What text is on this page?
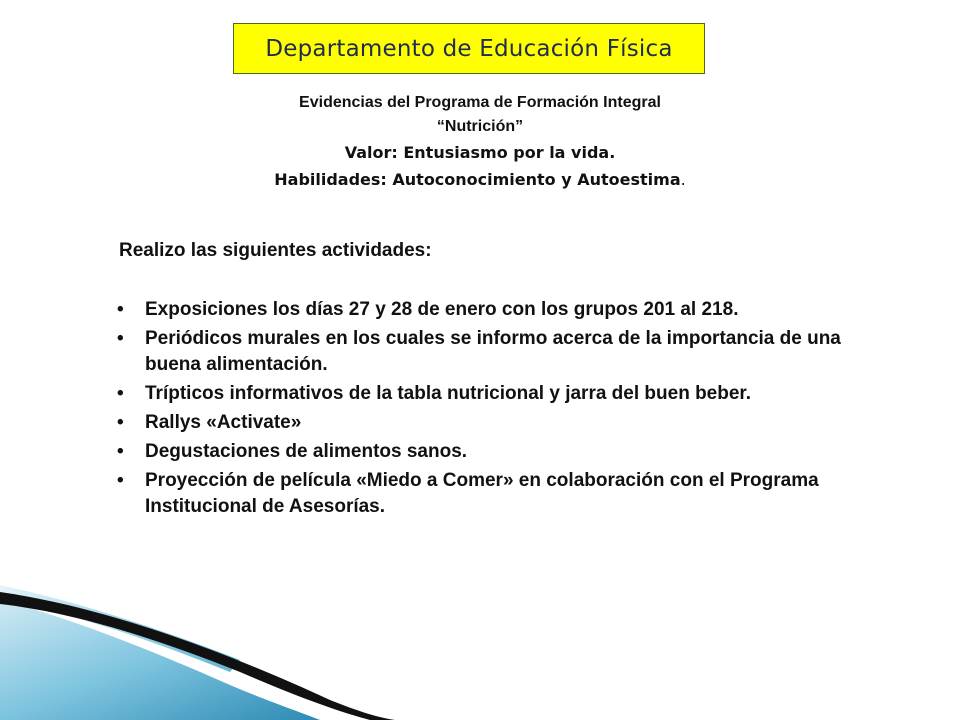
Departamento de Educación Física
Evidencias del Programa de Formación Integral
“Nutrición”
Valor: Entusiasmo por la vida.
Habilidades: Autoconocimiento y Autoestima.
Realizo las siguientes actividades:
• Exposiciones los días 27 y 28 de enero con los grupos 201 al 218.
• Periódicos murales en los cuales se informo acerca de la importancia de una buena alimentación.
• Trípticos informativos de la tabla nutricional y jarra del buen beber.
• Rallys «Activate»
• Degustaciones de alimentos sanos.
• Proyección de película «Miedo a Comer» en colaboración con el Programa Institucional de Asesorías.
